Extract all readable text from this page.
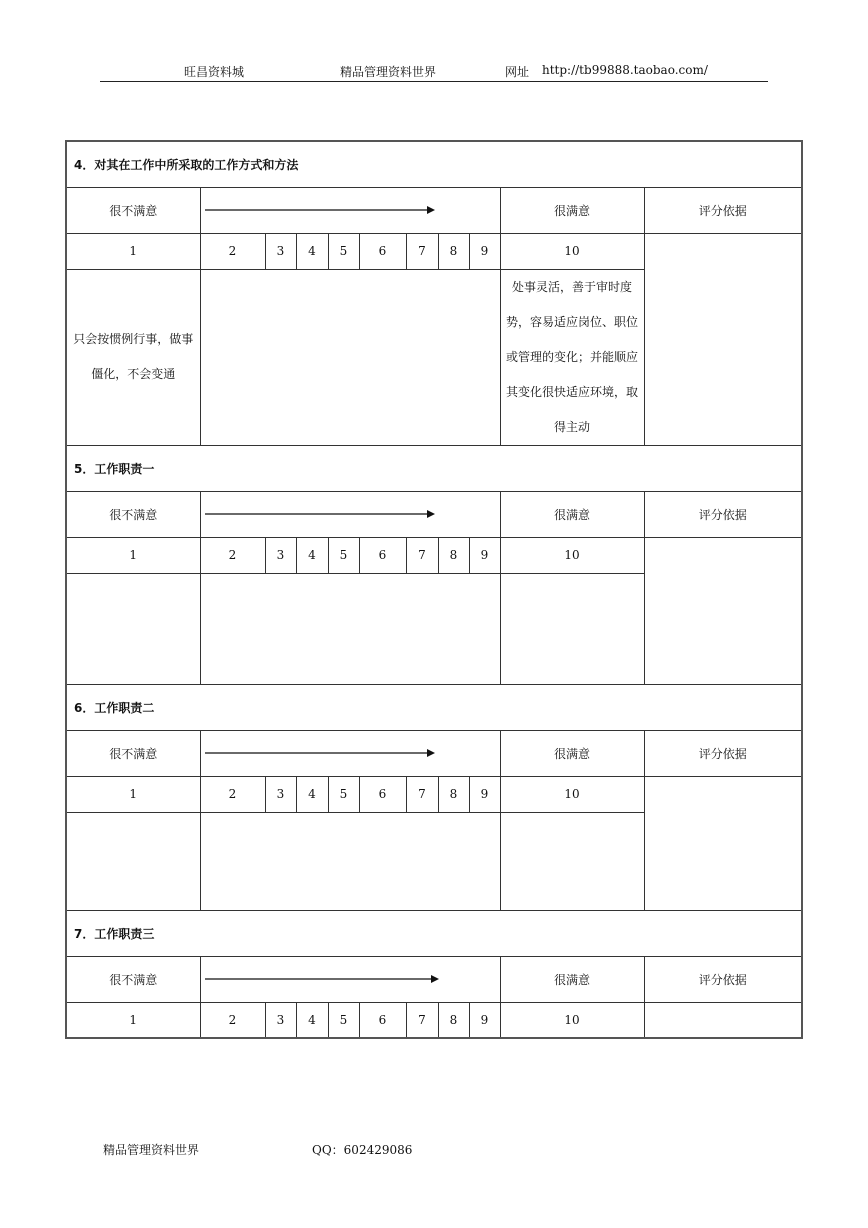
旺昌资料城	精品管理资料世界	网址 http://tb99888.taobao.com/
4．对其在工作中所采取的工作方式和方法										
很不满意									很满意	评分依据
1	2	3	4	5	6	7	8	9	10	
只会按惯例行事，做事僵化，不会变通									处事灵活，善于审时度势，容易适应岗位、职位或管理的变化；并能顺应其变化很快适应环境，取得主动	
5．工作职责一										
很不满意									很满意	评分依据
1	2	3	4	5	6	7	8	9	10	

6．工作职责二										
很不满意									很满意	评分依据
1	2	3	4	5	6	7	8	9	10	

7．工作职责三										
很不满意									很满意	评分依据
1	2	3	4	5	6	7	8	9	10	
精品管理资料世界	QQ：602429086
